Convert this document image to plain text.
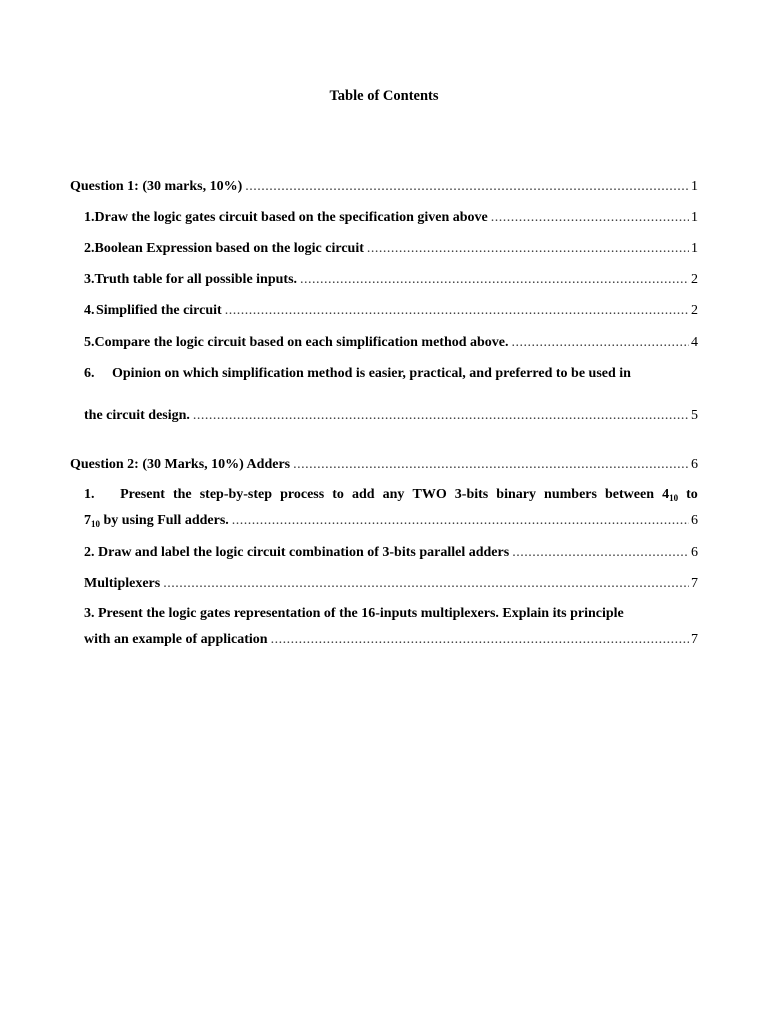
Table of Contents
Question 1: (30 marks, 10%) .....	1
1. Draw the logic gates circuit based on the specification given above .....	1
2. Boolean Expression based on the logic circuit .....	1
3. Truth table for all possible inputs. .....	2
4. Simplified the circuit .....	2
5. Compare the logic circuit based on each simplification method above. .....	4
6. Opinion on which simplification method is easier, practical, and preferred to be used in
the circuit design. .....	5
Question 2: (30 Marks, 10%) Adders .....	6
1.	Present the step-by-step process to add any TWO 3-bits binary numbers between $4_{10}$ to
$7_{10}$ by using Full adders. .....	6
2. Draw and label the logic circuit combination of 3-bits parallel adders .....	6
Multiplexers .....	7
3. Present the logic gates representation of the 16-inputs multiplexers. Explain its principle
with an example of application .....	7
